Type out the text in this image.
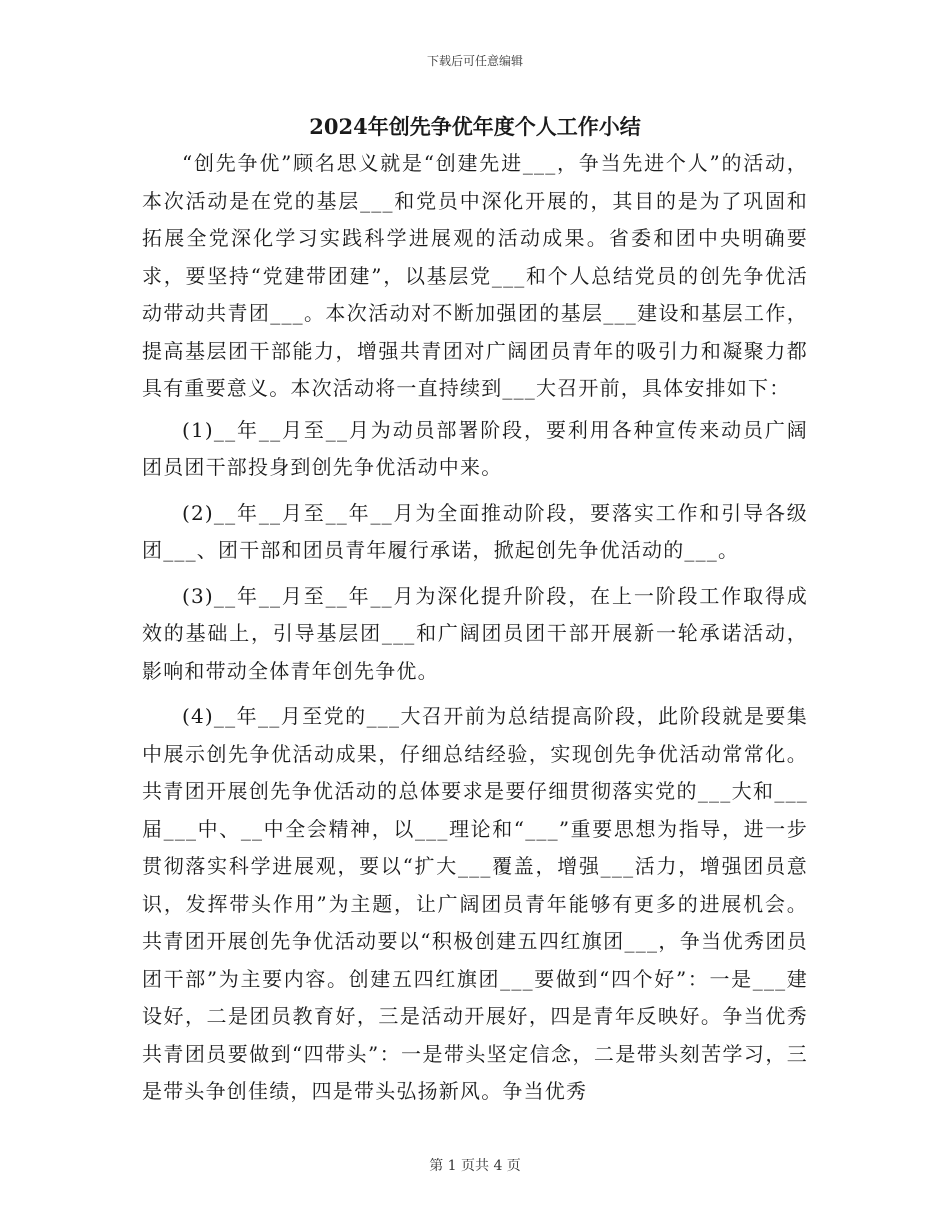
下载后可任意编辑
2024年创先争优年度个人工作小结

“创先争优”顾名思义就是“创建先进___，争当先进个人”的活动，本次活动是在党的基层___和党员中深化开展的，其目的是为了巩固和拓展全党深化学习实践科学进展观的活动成果。省委和团中央明确要求，要坚持“党建带团建”，以基层党___和个人总结党员的创先争优活动带动共青团___。本次活动对不断加强团的基层___建设和基层工作，提高基层团干部能力，增强共青团对广阔团员青年的吸引力和凝聚力都具有重要意义。本次活动将一直持续到___大召开前，具体安排如下：

(1)__年__月至__月为动员部署阶段，要利用各种宣传来动员广阔团员团干部投身到创先争优活动中来。

(2)__年__月至__年__月为全面推动阶段，要落实工作和引导各级团___、团干部和团员青年履行承诺，掀起创先争优活动的___。

(3)__年__月至__年__月为深化提升阶段，在上一阶段工作取得成效的基础上，引导基层团___和广阔团员团干部开展新一轮承诺活动，影响和带动全体青年创先争优。

(4)__年__月至党的___大召开前为总结提高阶段，此阶段就是要集中展示创先争优活动成果，仔细总结经验，实现创先争优活动常常化。共青团开展创先争优活动的总体要求是要仔细贯彻落实党的___大和___届___中、__中全会精神，以___理论和“___”重要思想为指导，进一步贯彻落实科学进展观，要以“扩大___覆盖，增强___活力，增强团员意识，发挥带头作用”为主题，让广阔团员青年能够有更多的进展机会。共青团开展创先争优活动要以“积极创建五四红旗团___，争当优秀团员团干部”为主要内容。创建五四红旗团___要做到“四个好”：一是___建设好，二是团员教育好，三是活动开展好，四是青年反映好。争当优秀共青团员要做到“四带头”：一是带头坚定信念，二是带头刻苦学习，三是带头争创佳绩，四是带头弘扬新风。争当优秀

第 1 页共 4 页
